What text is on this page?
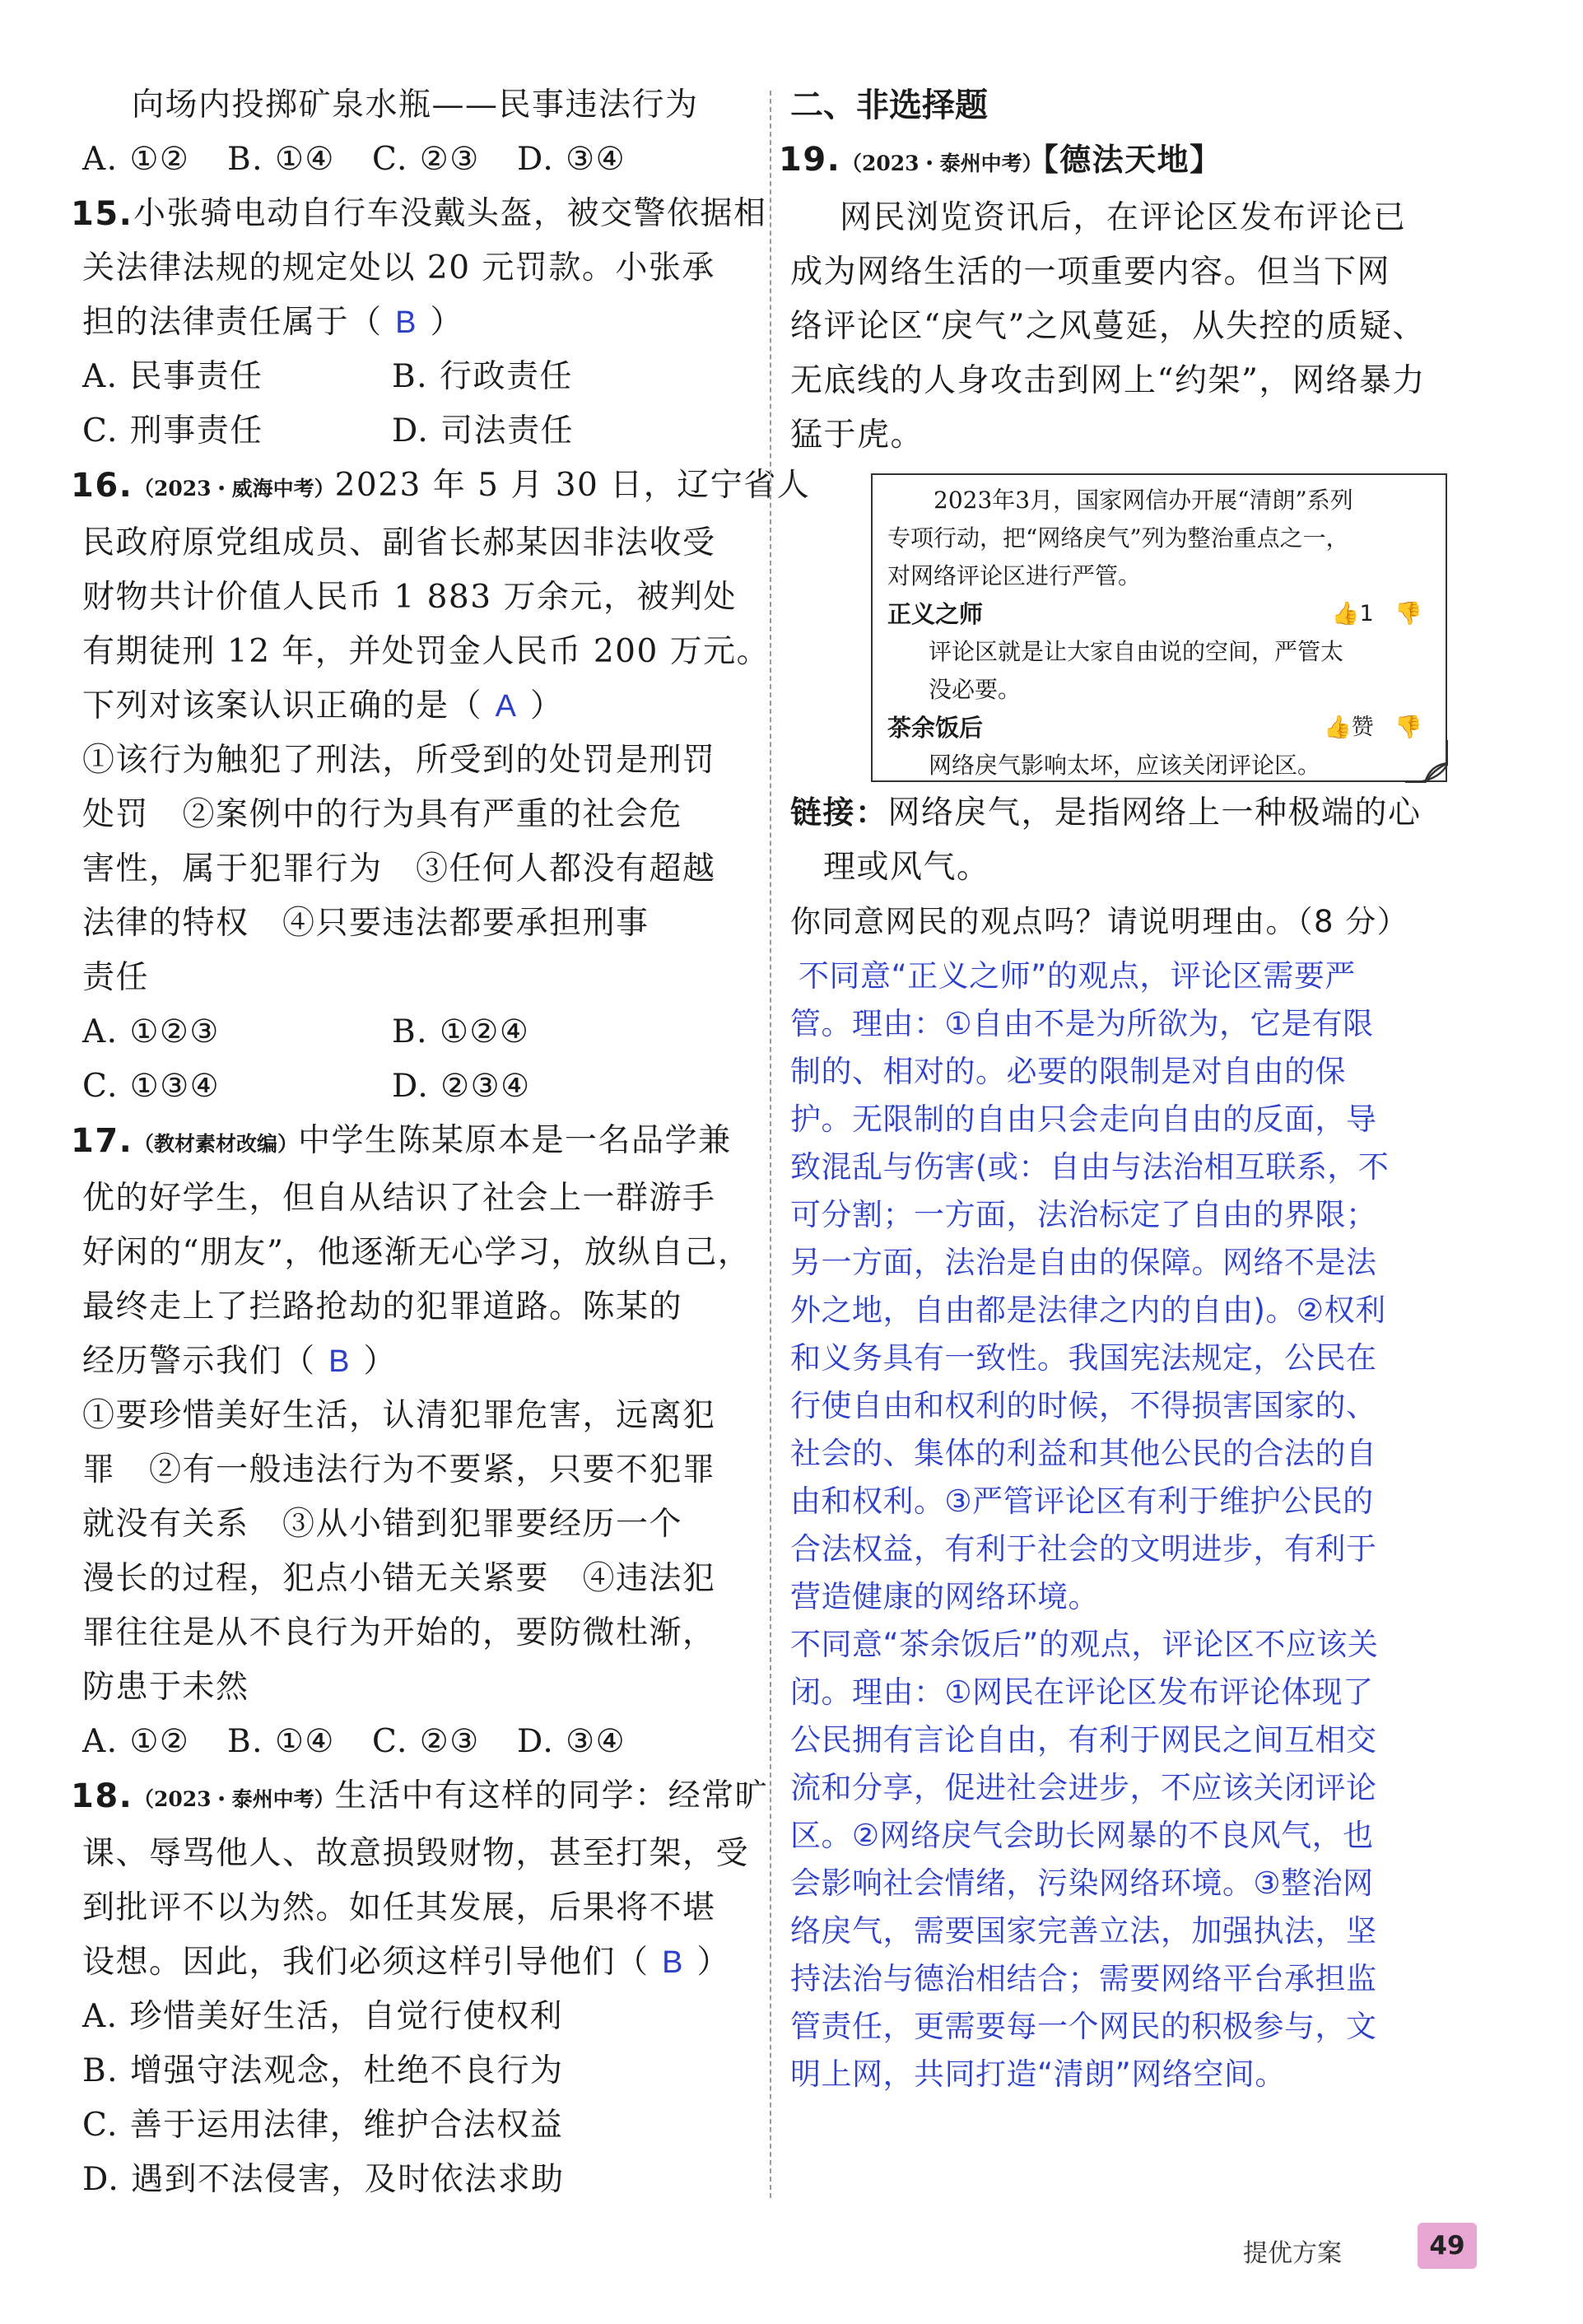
向场内投掷矿泉水瓶——民事违法行为
A. ①② B. ①④ C. ②③ D. ③④
15. 小张骑电动自行车没戴头盔，被交警依据相
关法律法规的规定处以 20 元罚款。小张承
担的法律责任属于（ B ）
A. 民事责任	B. 行政责任
C. 刑事责任	D. 司法责任
16. （2023・威海中考）2023 年 5 月 30 日，辽宁省人
民政府原党组成员、副省长郝某因非法收受
财物共计价值人民币 1 883 万余元，被判处
有期徒刑 12 年，并处罚金人民币 200 万元。
下列对该案认识正确的是（ A ）
①该行为触犯了刑法，所受到的处罚是刑罚
处罚　②案例中的行为具有严重的社会危
害性，属于犯罪行为　③任何人都没有超越
法律的特权　④只要违法都要承担刑事
责任
A. ①②③	B. ①②④
C. ①③④	D. ②③④
17. （教材素材改编）中学生陈某原本是一名品学兼
优的好学生，但自从结识了社会上一群游手
好闲的“朋友”，他逐渐无心学习，放纵自己，
最终走上了拦路抢劫的犯罪道路。陈某的
经历警示我们（ B ）
①要珍惜美好生活，认清犯罪危害，远离犯
罪　②有一般违法行为不要紧，只要不犯罪
就没有关系　③从小错到犯罪要经历一个
漫长的过程，犯点小错无关紧要　④违法犯
罪往往是从不良行为开始的，要防微杜渐，
防患于未然
A. ①② B. ①④ C. ②③ D. ③④
18. （2023・泰州中考）生活中有这样的同学：经常旷
课、辱骂他人、故意损毁财物，甚至打架，受
到批评不以为然。如任其发展，后果将不堪
设想。因此，我们必须这样引导他们（ B ）
A. 珍惜美好生活，自觉行使权利
B. 增强守法观念，杜绝不良行为
C. 善于运用法律，维护合法权益
D. 遇到不法侵害，及时依法求助
二、非选择题
19. （2023・泰州中考）【德法天地】
网民浏览资讯后，在评论区发布评论已
成为网络生活的一项重要内容。但当下网
络评论区“戾气”之风蔓延，从失控的质疑、
无底线的人身攻击到网上“约架”，网络暴力
猛于虎。
链接：网络戾气，是指网络上一种极端的心
理或风气。
你同意网民的观点吗？请说明理由。（8 分）
不同意“正义之师”的观点，评论区需要严
管。理由：①自由不是为所欲为，它是有限
制的、相对的。必要的限制是对自由的保
护。无限制的自由只会走向自由的反面，导
致混乱与伤害(或：自由与法治相互联系，不
可分割；一方面，法治标定了自由的界限；
另一方面，法治是自由的保障。网络不是法
外之地，自由都是法律之内的自由)。②权利
和义务具有一致性。我国宪法规定，公民在
行使自由和权利的时候，不得损害国家的、
社会的、集体的利益和其他公民的合法的自
由和权利。③严管评论区有利于维护公民的
合法权益，有利于社会的文明进步，有利于
营造健康的网络环境。
不同意“茶余饭后”的观点，评论区不应该关
闭。理由：①网民在评论区发布评论体现了
公民拥有言论自由，有利于网民之间互相交
流和分享，促进社会进步，不应该关闭评论
区。②网络戾气会助长网暴的不良风气，也
会影响社会情绪，污染网络环境。③整治网
络戾气，需要国家完善立法，加强执法，坚
持法治与德治相结合；需要网络平台承担监
管责任，更需要每一个网民的积极参与，文
明上网，共同打造“清朗”网络空间。
2023年3月，国家网信办开展“清朗”系列
专项行动，把“网络戾气”列为整治重点之一，
对网络评论区进行严管。
正义之师	👍1 👎
评论区就是让大家自由说的空间，严管太
没必要。
茶余饭后	👍赞 👎
网络戾气影响太坏，应该关闭评论区。
提优方案	49
